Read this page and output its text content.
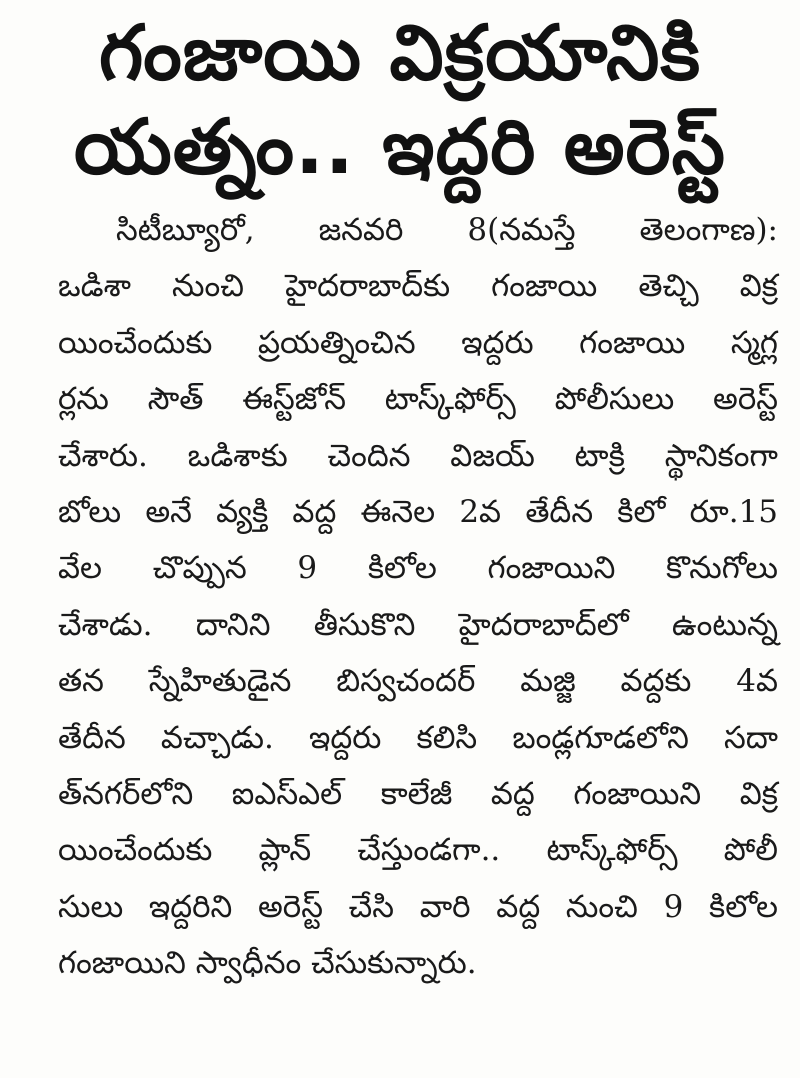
గంజాయి విక్రయానికి
యత్నం.. ఇద్దరి అరెస్ట్
సిటీబ్యూరో, జనవరి 8(నమస్తే తెలంగాణ):
ఒడిశా నుంచి హైదరాబాద్‌కు గంజాయి తెచ్చి విక్ర
యించేందుకు ప్రయత్నించిన ఇద్దరు గంజాయి స్మగ్ల
ర్లను సౌత్ ఈస్ట్‌జోన్ టాస్క్‌ఫోర్స్ పోలీసులు అరెస్ట్
చేశారు. ఒడిశాకు చెందిన విజయ్ టాక్రి స్థానికంగా
బోలు అనే వ్యక్తి వద్ద ఈనెల 2వ తేదీన కిలో రూ.15
వేల చొప్పున 9 కిలోల గంజాయిని కొనుగోలు
చేశాడు. దానిని తీసుకొని హైదరాబాద్‌లో ఉంటున్న
తన స్నేహితుడైన బిస్వచందర్ మజ్జి వద్దకు 4వ
తేదీన వచ్చాడు. ఇద్దరు కలిసి బండ్లగూడలోని సదా
త్‌నగర్‌లోని ఐఎస్ఎల్ కాలేజీ వద్ద గంజాయిని విక్ర
యించేందుకు ప్లాన్ చేస్తుండగా.. టాస్క్‌ఫోర్స్ పోలీ
సులు ఇద్దరిని అరెస్ట్ చేసి వారి వద్ద నుంచి 9 కిలోల
గంజాయిని స్వాధీనం చేసుకున్నారు.
